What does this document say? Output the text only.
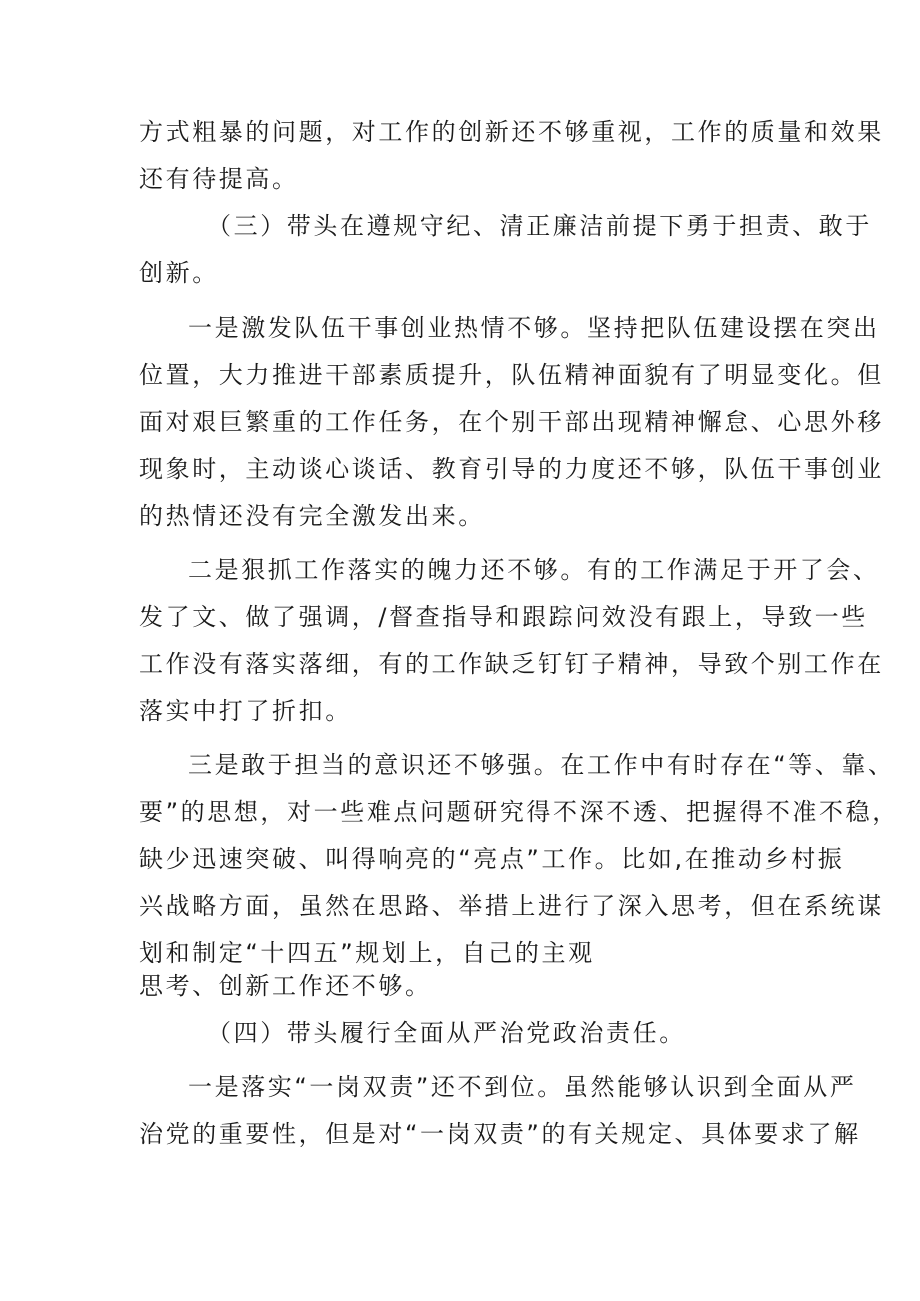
方式粗暴的问题，对工作的创新还不够重视，工作的质量和效果
还有待提高。
（三）带头在遵规守纪、清正廉洁前提下勇于担责、敢于
创新。
一是激发队伍干事创业热情不够。坚持把队伍建设摆在突出
位置，大力推进干部素质提升，队伍精神面貌有了明显变化。但
面对艰巨繁重的工作任务，在个别干部出现精神懈怠、心思外移
现象时，主动谈心谈话、教育引导的力度还不够，队伍干事创业
的热情还没有完全激发出来。
二是狠抓工作落实的魄力还不够。有的工作满足于开了会、
发了文、做了强调，/督查指导和跟踪问效没有跟上，导致一些
工作没有落实落细，有的工作缺乏钉钉子精神，导致个别工作在
落实中打了折扣。
三是敢于担当的意识还不够强。在工作中有时存在“等、靠、
要”的思想，对一些难点问题研究得不深不透、把握得不准不稳，
缺少迅速突破、叫得响亮的“亮点”工作。比如,在推动乡村振
兴战略方面，虽然在思路、举措上进行了深入思考，但在系统谋
划和制定“十四五”规划上，自己的主观
思考、创新工作还不够。
（四）带头履行全面从严治党政治责任。
一是落实“一岗双责”还不到位。虽然能够认识到全面从严
治党的重要性，但是对“一岗双责”的有关规定、具体要求了解
